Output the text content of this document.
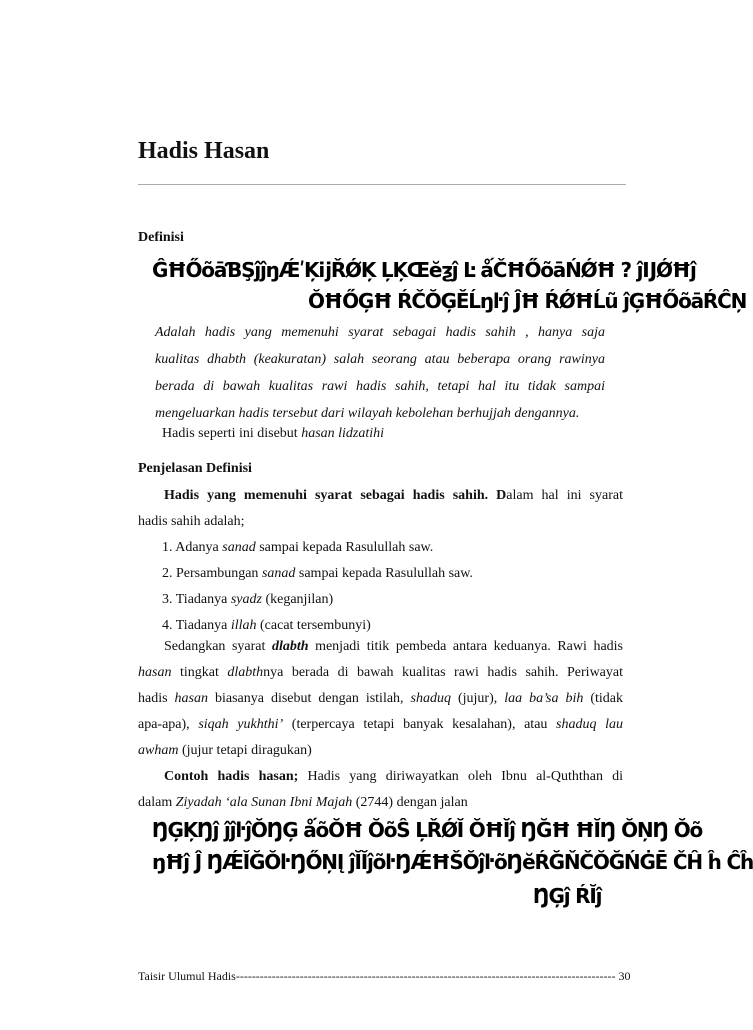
Hadis Hasan
Definisi
ĜĦŐõāƁŞĵĵŋǼʹĶĳŘǾĶ ĻĶŒĕƺĵ Ŀ ǻČĦŐõāŃǾĦ ? ĵĲǾĦĵ
ŎĦŐĢĦ ŔČŎĢĚĹŋŀĵ ĴĦ ŔǾĦĹũ ĵĢĦŐõāŔĈŅ
Adalah hadis yang memenuhi syarat sebagai hadis sahih , hanya saja
kualitas dhabth (keakuratan) salah seorang atau beberapa orang rawinya
berada di bawah kualitas rawi hadis sahih, tetapi hal itu tidak sampai
mengeluarkan hadis tersebut dari wilayah kebolehan berhujjah dengannya.
Hadis seperti ini disebut hasan lidzatihi
Penjelasan Definisi
Hadis yang memenuhi syarat sebagai hadis sahih. Dalam hal ini syarat
hadis sahih adalah;
1. Adanya sanad sampai kepada Rasulullah saw.
2. Persambungan sanad sampai kepada Rasulullah saw.
3. Tiadanya syadz (keganjilan)
4. Tiadanya illah (cacat tersembunyi)
Sedangkan syarat dlabth menjadi titik pembeda antara keduanya. Rawi hadis
hasan tingkat dlabthnya berada di bawah kualitas rawi hadis sahih. Periwayat
hadis hasan biasanya disebut dengan istilah, shaduq (jujur), laa ba’sa bih (tidak
apa-apa), siqah yukhthi’ (terpercaya tetapi banyak kesalahan), atau shaduq lau
awham (jujur tetapi diragukan)
Contoh hadis hasan; Hadis yang diriwayatkan oleh Ibnu al-Quththan di
dalam Ziyadah ‘ala Sunan Ibni Majah (2744) dengan jalan
ŊĢĶŊĵ ĵĵŀĵŎŊĢ ǻõŎĦ ŎõŜ ĻŘǾĬ ŎĦĬĵ ŊĞĦ ĦĬŊ ŎŅŊ Ŏõ
ŋĦĵ Ĵ ŊǼĬĞŎŀŊŐŅĮ ĵĬĬĵõŀŊǼĦŠŎĵŀõŊĕŔĞŇČŎĞŃĠĒ ČĤ ĥ Ĉĥ
ŊĢĵ ŔĬĵ
Taisir Ulumul Hadis----------------------------------------------------------------------------------------------- 30
